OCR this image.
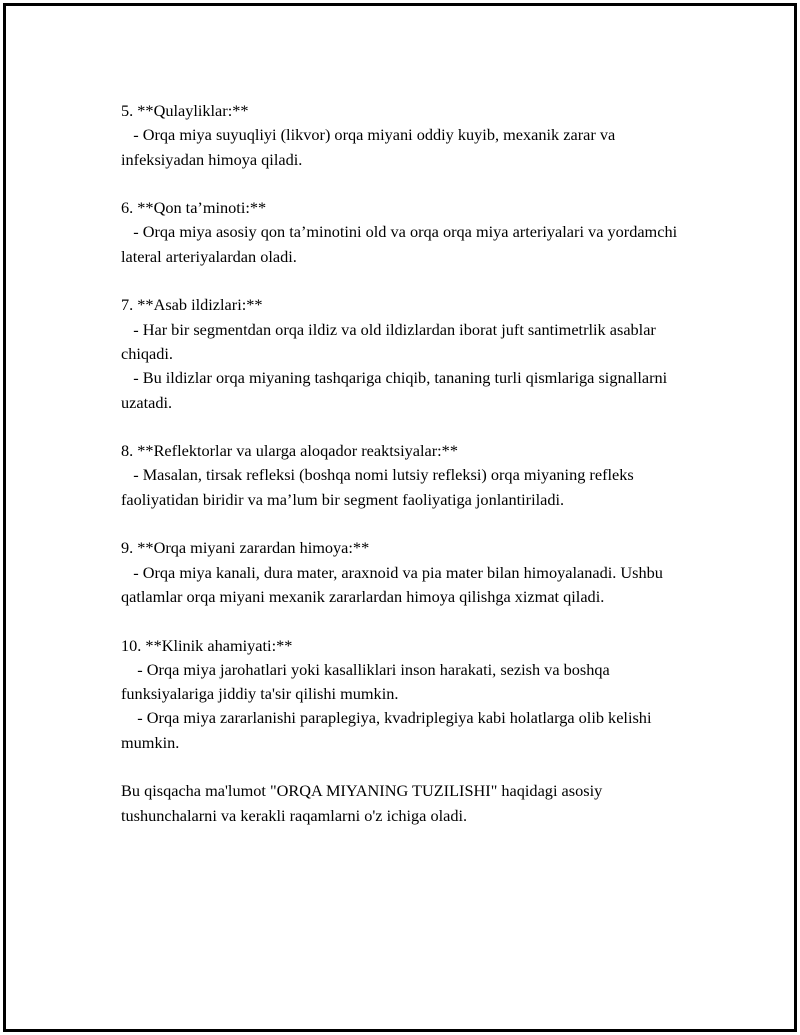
5. **Qulayliklar:**
- Orqa miya suyuqliyi (likvor) orqa miyani oddiy kuyib, mexanik zarar va infeksiyadan himoya qiladi.
6. **Qon ta’minoti:**
- Orqa miya asosiy qon ta’minotini old va orqa orqa miya arteriyalari va yordamchi lateral arteriyalardan oladi.
7. **Asab ildizlari:**
- Har bir segmentdan orqa ildiz va old ildizlardan iborat juft santimetrlik asablar chiqadi.
- Bu ildizlar orqa miyaning tashqariga chiqib, tananing turli qismlariga signallarni uzatadi.
8. **Reflektorlar va ularga aloqador reaktsiyalar:**
- Masalan, tirsak refleksi (boshqa nomi lutsiy refleksi) orqa miyaning refleks faoliyatidan biridir va ma’lum bir segment faoliyatiga jonlantiriladi.
9. **Orqa miyani zarardan himoya:**
- Orqa miya kanali, dura mater, araxnoid va pia mater bilan himoyalanadi. Ushbu qatlamlar orqa miyani mexanik zararlardan himoya qilishga xizmat qiladi.
10. **Klinik ahamiyati:**
- Orqa miya jarohatlari yoki kasalliklari inson harakati, sezish va boshqa funksiyalariga jiddiy ta'sir qilishi mumkin.
- Orqa miya zararlanishi paraplegiya, kvadriplegiya kabi holatlarga olib kelishi mumkin.
Bu qisqacha ma'lumot "ORQA MIYANING TUZILISHI" haqidagi asosiy tushunchalarni va kerakli raqamlarni o'z ichiga oladi.
